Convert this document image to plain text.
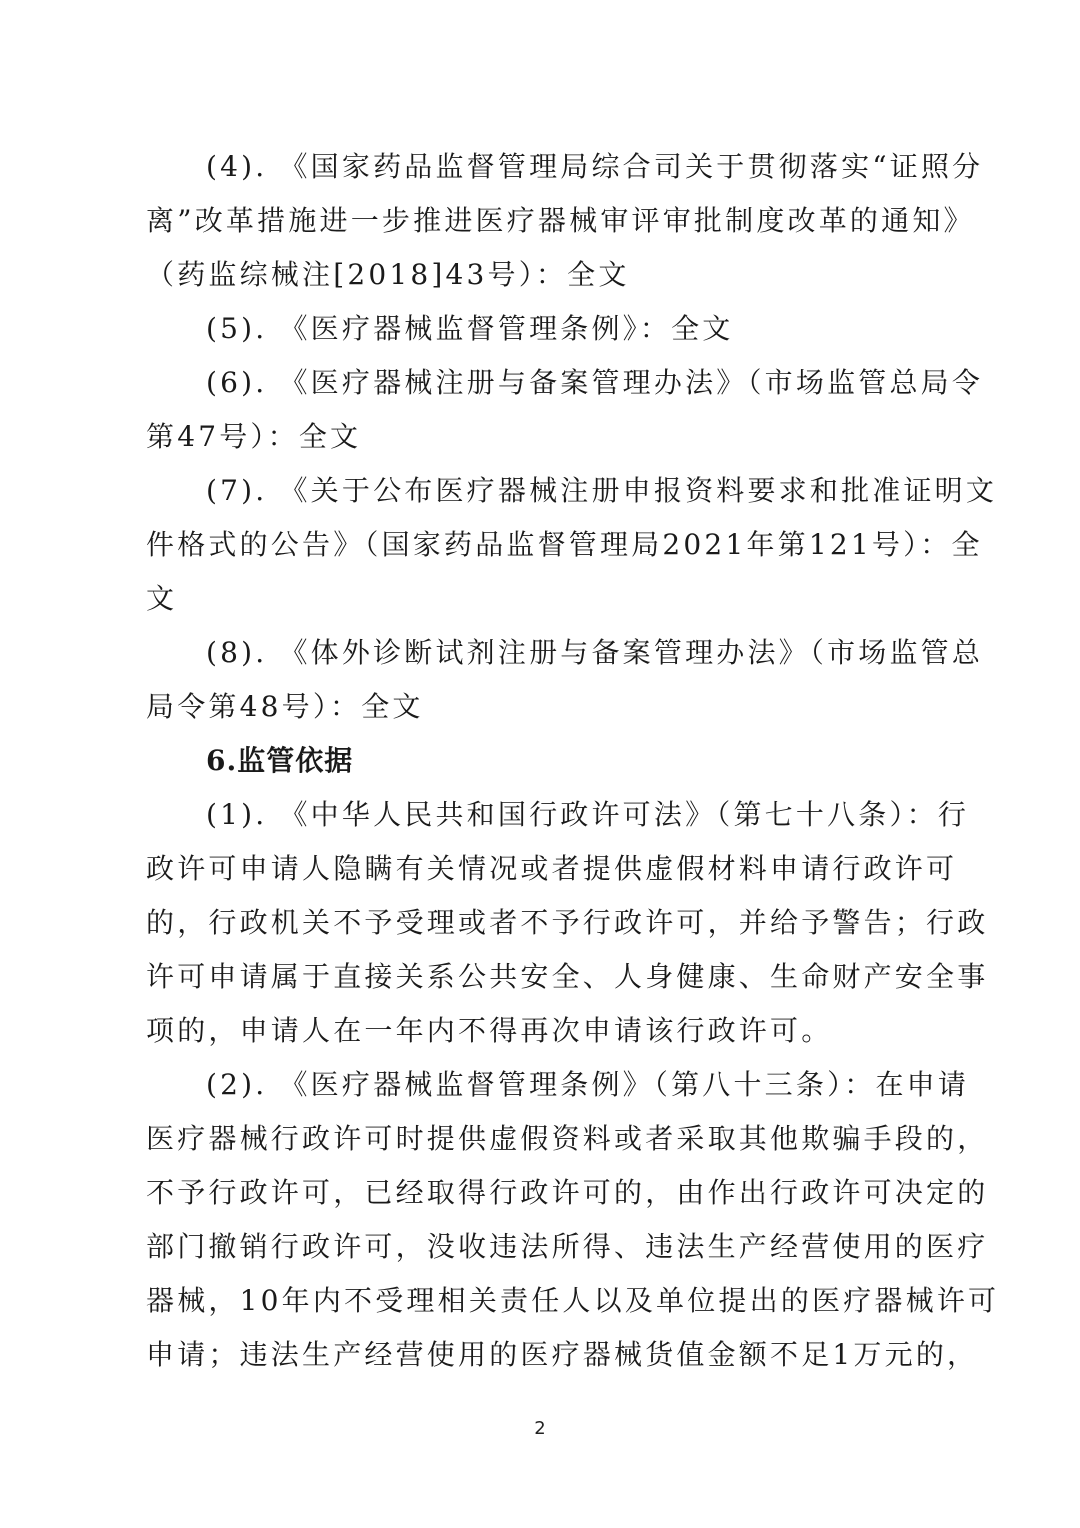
(4). 《国家药品监督管理局综合司关于贯彻落实“证照分
离”改革措施进一步推进医疗器械审评审批制度改革的通知》
（药监综械注[2018]43号）：全文
(5). 《医疗器械监督管理条例》：全文
(6). 《医疗器械注册与备案管理办法》（市场监管总局令
第47号）：全文
(7). 《关于公布医疗器械注册申报资料要求和批准证明文
件格式的公告》（国家药品监督管理局2021年第121号）：全
文
(8). 《体外诊断试剂注册与备案管理办法》（市场监管总
局令第48号）：全文
6.监管依据
(1). 《中华人民共和国行政许可法》（第七十八条）：行
政许可申请人隐瞒有关情况或者提供虚假材料申请行政许可
的，行政机关不予受理或者不予行政许可，并给予警告；行政
许可申请属于直接关系公共安全、人身健康、生命财产安全事
项的，申请人在一年内不得再次申请该行政许可。
(2). 《医疗器械监督管理条例》（第八十三条）：在申请
医疗器械行政许可时提供虚假资料或者采取其他欺骗手段的，
不予行政许可，已经取得行政许可的，由作出行政许可决定的
部门撤销行政许可，没收违法所得、违法生产经营使用的医疗
器械，10年内不受理相关责任人以及单位提出的医疗器械许可
申请；违法生产经营使用的医疗器械货值金额不足1万元的，
2
